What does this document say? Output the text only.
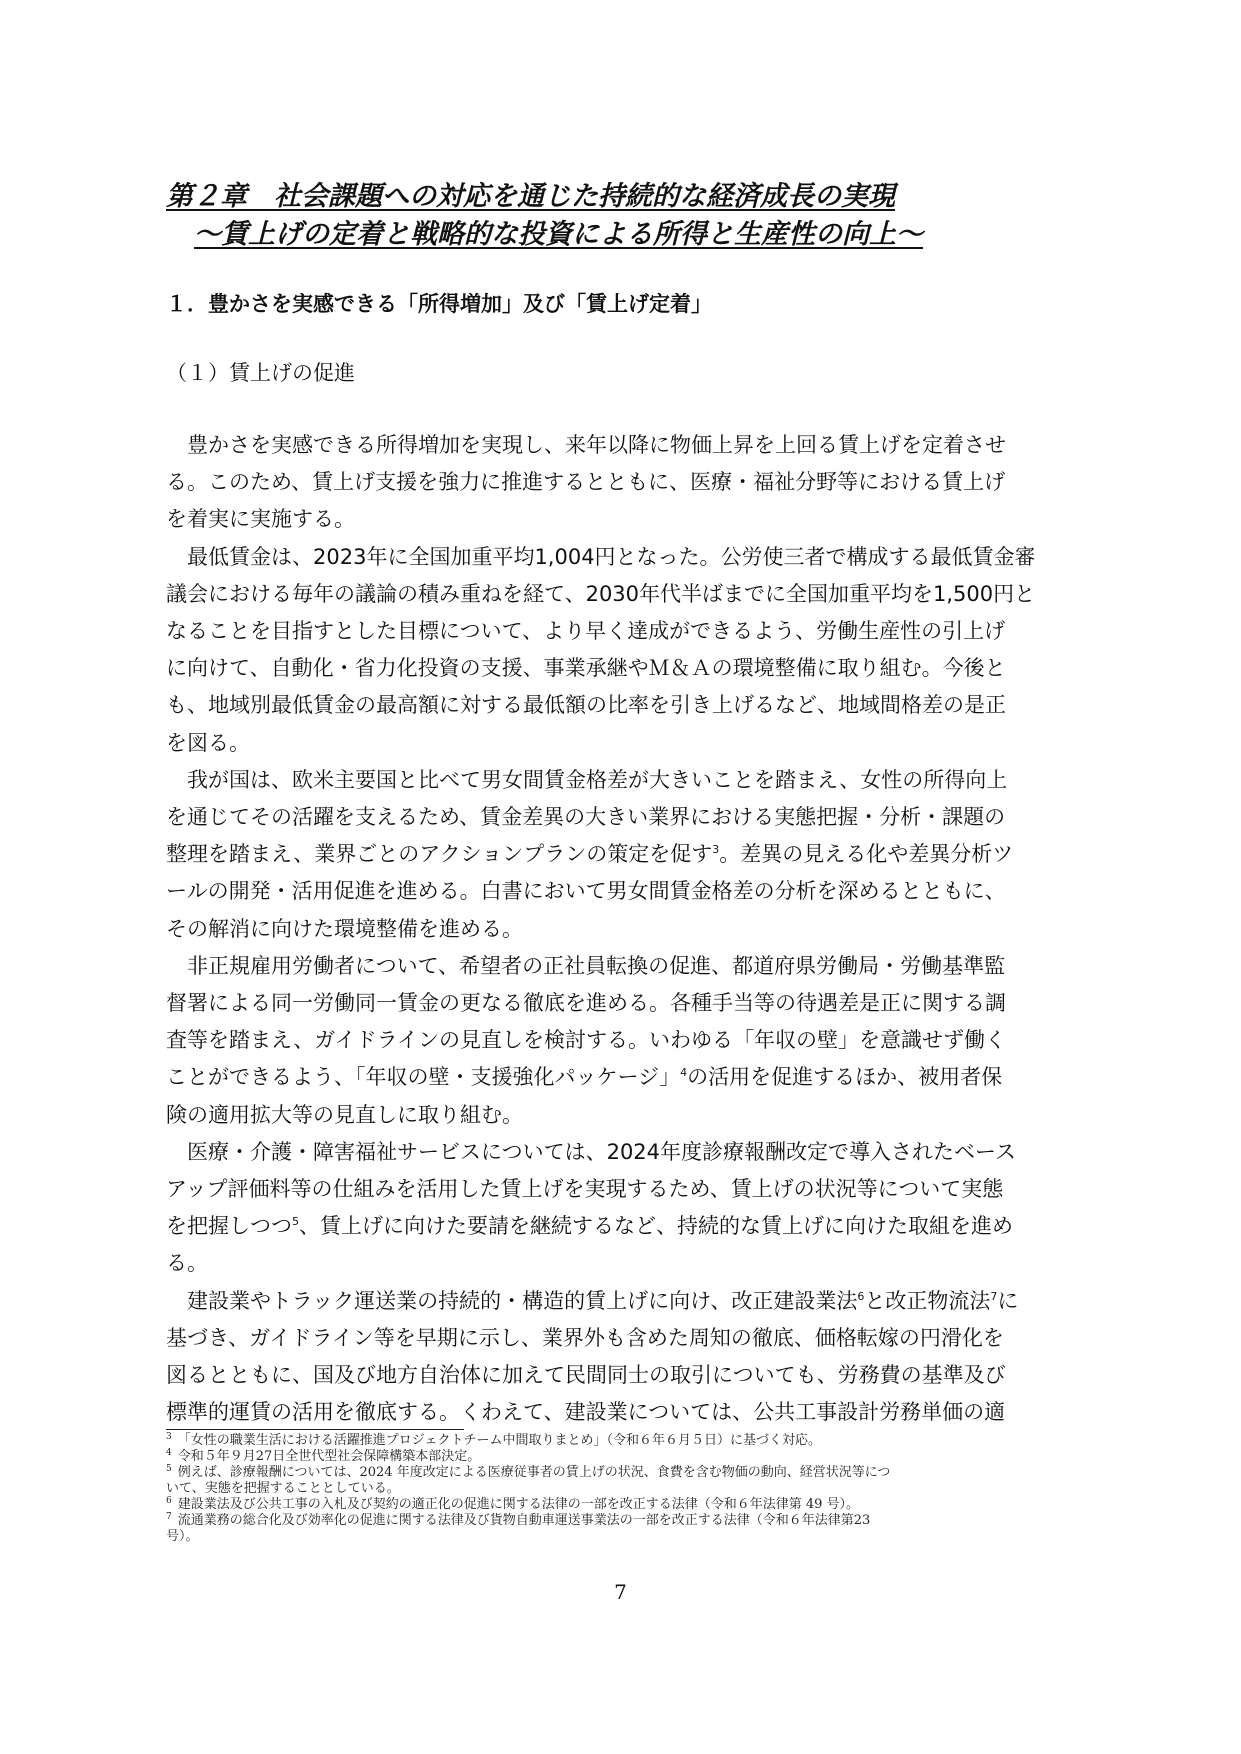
第２章　社会課題への対応を通じた持続的な経済成長の実現
～賃上げの定着と戦略的な投資による所得と生産性の向上～
１．豊かさを実感できる「所得増加」及び「賃上げ定着」
（１）賃上げの促進
　豊かさを実感できる所得増加を実現し、来年以降に物価上昇を上回る賃上げを定着させ
る。このため、賃上げ支援を強力に推進するとともに、医療・福祉分野等における賃上げ
を着実に実施する。
　最低賃金は、2023年に全国加重平均1,004円となった。公労使三者で構成する最低賃金審
議会における毎年の議論の積み重ねを経て、2030年代半ばまでに全国加重平均を1,500円と
なることを目指すとした目標について、より早く達成ができるよう、労働生産性の引上げ
に向けて、自動化・省力化投資の支援、事業承継やＭ＆Ａの環境整備に取り組む。今後と
も、地域別最低賃金の最高額に対する最低額の比率を引き上げるなど、地域間格差の是正
を図る。
　我が国は、欧米主要国と比べて男女間賃金格差が大きいことを踏まえ、女性の所得向上
を通じてその活躍を支えるため、賃金差異の大きい業界における実態把握・分析・課題の
整理を踏まえ、業界ごとのアクションプランの策定を促す$^3$。差異の見える化や差異分析ツ
ールの開発・活用促進を進める。白書において男女間賃金格差の分析を深めるとともに、
その解消に向けた環境整備を進める。
　非正規雇用労働者について、希望者の正社員転換の促進、都道府県労働局・労働基準監
督署による同一労働同一賃金の更なる徹底を進める。各種手当等の待遇差是正に関する調
査等を踏まえ、ガイドラインの見直しを検討する。いわゆる「年収の壁」を意識せず働く
ことができるよう、「年収の壁・支援強化パッケージ」$^4$の活用を促進するほか、被用者保
険の適用拡大等の見直しに取り組む。
　医療・介護・障害福祉サービスについては、2024年度診療報酬改定で導入されたベース
アップ評価料等の仕組みを活用した賃上げを実現するため、賃上げの状況等について実態
を把握しつつ$^5$、賃上げに向けた要請を継続するなど、持続的な賃上げに向けた取組を進め
る。
　建設業やトラック運送業の持続的・構造的賃上げに向け、改正建設業法$^6$と改正物流法$^7$に
基づき、ガイドライン等を早期に示し、業界外も含めた周知の徹底、価格転嫁の円滑化を
図るとともに、国及び地方自治体に加えて民間同士の取引についても、労務費の基準及び
標準的運賃の活用を徹底する。くわえて、建設業については、公共工事設計労務単価の適
$^3$ 「女性の職業生活における活躍推進プロジェクトチーム中間取りまとめ」（令和６年６月５日）に基づく対応。
$^4$ 令和５年９月27日全世代型社会保障構築本部決定。
$^5$ 例えば、診療報酬については、2024 年度改定による医療従事者の賃上げの状況、食費を含む物価の動向、経営状況等につ
いて、実態を把握することとしている。
$^6$ 建設業法及び公共工事の入札及び契約の適正化の促進に関する法律の一部を改正する法律（令和６年法律第 49 号）。
$^7$ 流通業務の総合化及び効率化の促進に関する法律及び貨物自動車運送事業法の一部を改正する法律（令和６年法律第23
号）。
7
